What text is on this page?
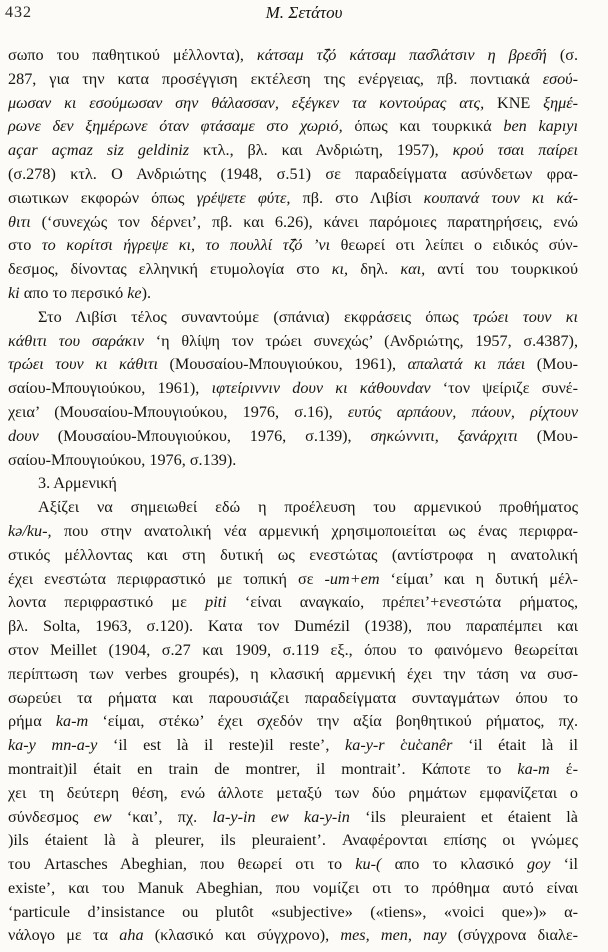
432	Μ. Σετάτου
σωπο του παθητικού μέλλοντα), κάτσαμ τζ̑ό κάτσαμ πασ̑λάτσιν η βρεσ̑ή (σ.
287, για την κατα προσέγγιση εκτέλεση της ενέργειας, πβ. ποντιακά εσού-
μωσαν κι εσούμωσαν σην θάλασσαν, εξέγκεν τα κοντούρας ατς, ΚΝΕ ξημέ-
ρωνε δεν ξημέρωνε όταν φτάσαμε στο χωριό, όπως και τουρκικά ben kapıyı
açar açmaz siz geldiniz κτλ., βλ. και Ανδριώτη, 1957), κρού τσαι παίρει
(σ.278) κτλ. Ο Ανδριώτης (1948, σ.51) σε παραδείγματα ασύνδετων φρα-
σιωτικων εκφορών όπως γρέψετε φύτε, πβ. στο Λιβίσι κουπανά τουν κι κά-
θιτι (‘συνεχώς τον δέρνει’, πβ. και 6.26), κάνει παρόμοιες παρατηρήσεις, ενώ
στο το κορίτσι ήγρεψε κι, το πουλλί τζ̑ό ’νι θεωρεί οτι λείπει ο ειδικός σύν-
δεσμος, δίνοντας ελληνική ετυμολογία στο κι, δηλ. και, αντί του τουρκικού
ki απο το περσικό ke).
Στο Λιβίσι τέλος συναντούμε (σπάνια) εκφράσεις όπως τρώει τουν κι
κάθιτι του σαράκιν ‘η θλίψη τον τρώει συνεχώς’ (Ανδριώτης, 1957, σ.4387),
τρώει τουν κι κάθιτι (Μουσαίου-Μπουγιούκου, 1961), απαλατά κι πάει (Μου-
σαίου-Μπουγιούκου, 1961), ιφτείριννιν dουν κι κάθουνdαν ‘τον ψείριζε συνέ-
χεια’ (Μουσαίου-Μπουγιούκου, 1976, σ.16), ευτύς αρπάουν, πάουν, ρίχτουν
dουν (Μουσαίου-Μπουγιούκου, 1976, σ.139), σηκώννιτι, ξανάρχιτι (Μου-
σαίου-Μπουγιούκου, 1976, σ.139).
3. Αρμενική
Αξίζει να σημειωθεί εδώ η προέλευση του αρμενικού προθήματος
kə/ku-, που στην ανατολική νέα αρμενική χρησιμοποιείται ως ένας περιφρα-
στικός μέλλοντας και στη δυτική ως ενεστώτας (αντίστροφα η ανατολική
έχει ενεστώτα περιφραστικό με τοπική σε -um+em ‘είμαι’ και η δυτική μέλ-
λοντα περιφραστικό με piti ‘είναι αναγκαίο, πρέπει’+ενεστώτα ρήματος,
βλ. Solta, 1963, σ.120). Κατα τον Dumézil (1938), που παραπέμπει και
στον Meillet (1904, σ.27 και 1909, σ.119 εξ., όπου το φαινόμενο θεωρείται
περίπτωση των verbes groupés), η κλασική αρμενική έχει την τάση να συσ-
σωρεύει τα ρήματα και παρουσιάζει παραδείγματα συνταγμάτων όπου το
ρήμα ka-m ‘είμαι, στέκω’ έχει σχεδόν την αξία βοηθητικού ρήματος, πχ.
ka-y mn-a-y ‘il est là il reste)il reste’, ka-y-r c̔uc̔anêr ‘il était là il
montrait)il était en train de montrer, il montrait’. Κάποτε το ka-m έ-
χει τη δεύτερη θέση, ενώ άλλοτε μεταξύ των δύο ρημάτων εμφανίζεται ο
σύνδεσμος ew ‘και’, πχ. la-y-in ew ka-y-in ‘ils pleuraient et étaient là
)ils étaient là à pleurer, ils pleuraient’. Αναφέρονται επίσης οι γνώμες
του Artasches Abeghian, που θεωρεί οτι το ku-( απο το κλασικό goy ‘il
existe’, και του Manuk Abeghian, που νομίζει οτι το πρόθημα αυτό είναι
‘particule d’insistance ou plutôt «subjective» («tiens», «voici que»)» α-
νάλογο με τα aha (κλασικό και σύγχρονο), mes, men, nay (σύγχρονα διαλε-
